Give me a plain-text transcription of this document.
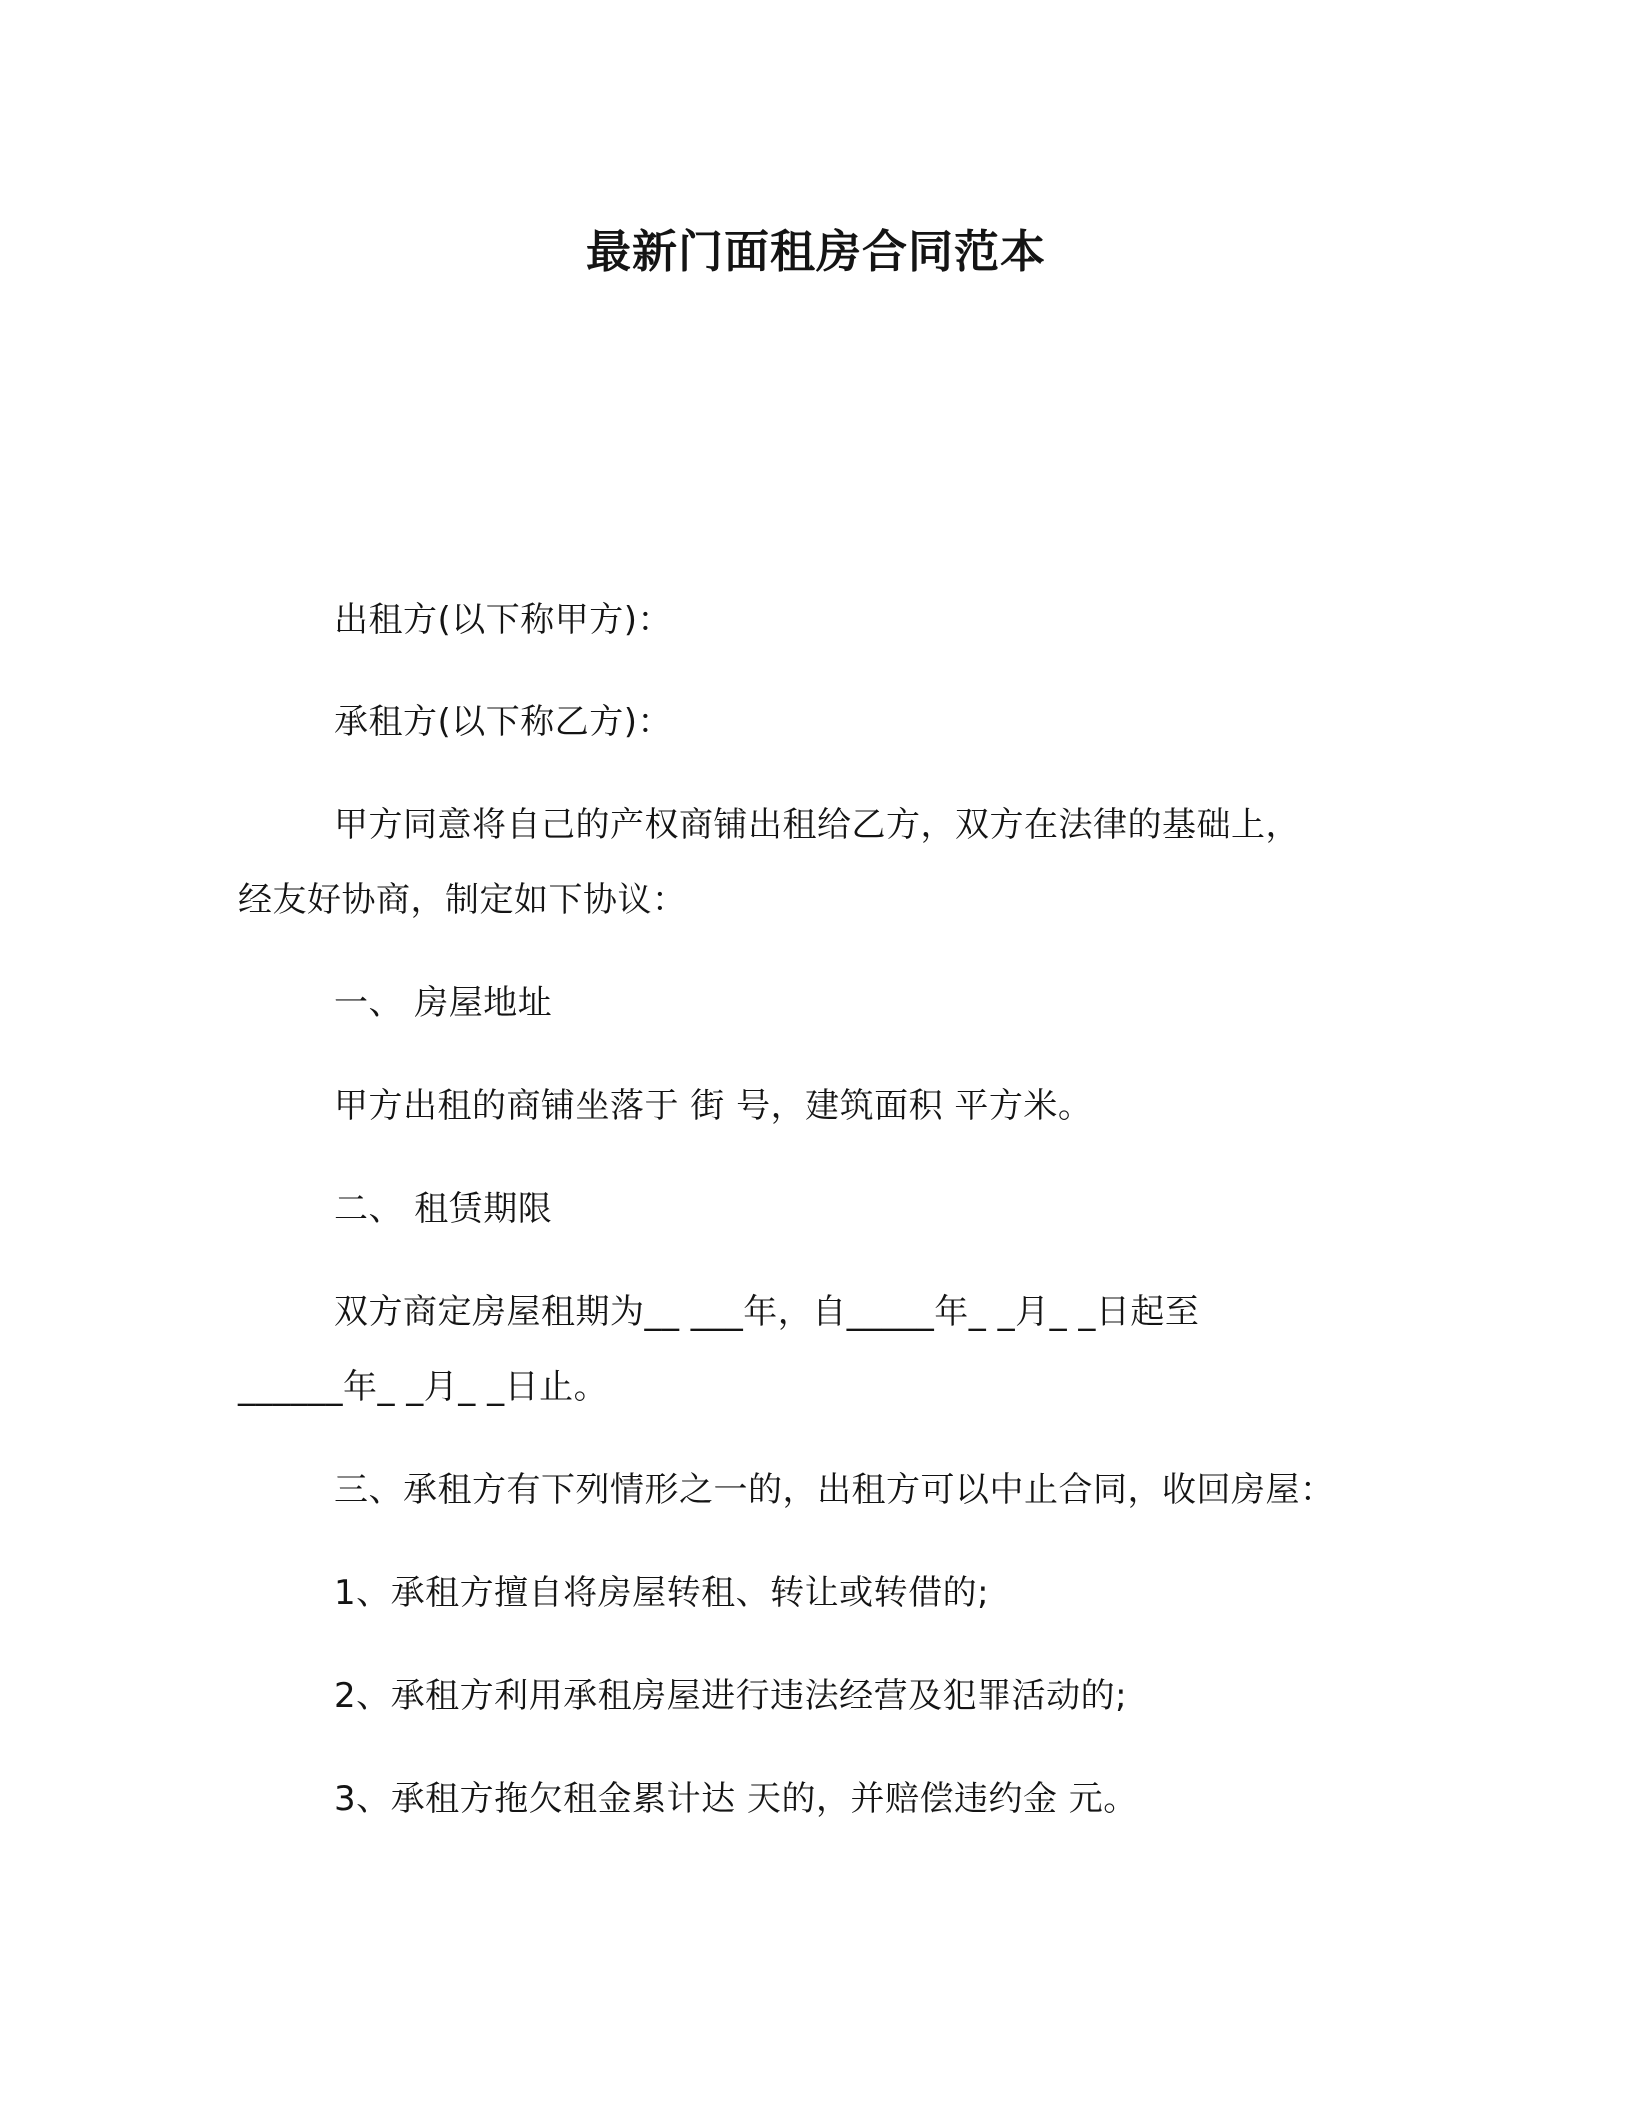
最新门面租房合同范本

出租方(以下称甲方)：

承租方(以下称乙方)：

甲方同意将自己的产权商铺出租给乙方，双方在法律的基础上，

经友好协商，制定如下协议：

一、 房屋地址

甲方出租的商铺坐落于 街 号，建筑面积 平方米。

二、 租赁期限

双方商定房屋租期为__ ___年，自_____年_ _月_ _日起至

______年_ _月_ _日止。

三、承租方有下列情形之一的，出租方可以中止合同，收回房屋：

1、承租方擅自将房屋转租、转让或转借的;

2、承租方利用承租房屋进行违法经营及犯罪活动的;

3、承租方拖欠租金累计达 天的，并赔偿违约金 元。
